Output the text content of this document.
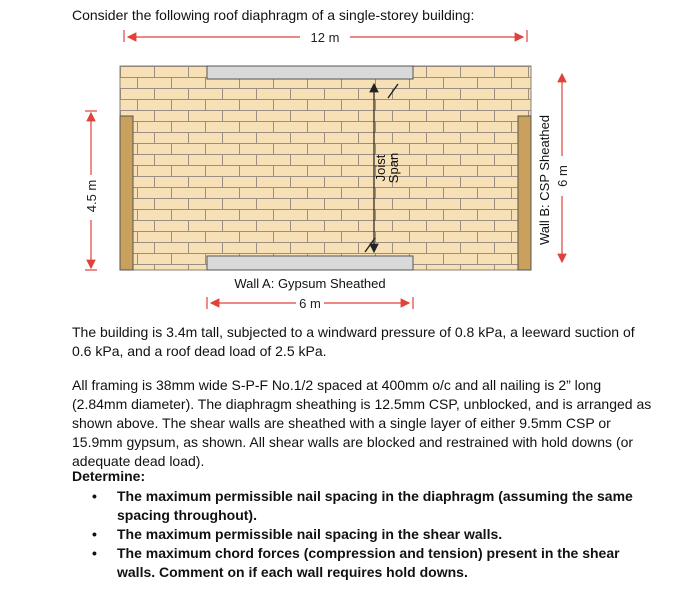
Consider the following roof diaphragm of a single-storey building:
12 m
4.5 m
Joist
Span	Wall B: CSP Sheathed 6 m
Wall A: Gypsum Sheathed
6 m
The building is 3.4m tall, subjected to a windward pressure of 0.8 kPa, a leeward suction of 0.6 kPa, and a roof dead load of 2.5 kPa.
All framing is 38mm wide S-P-F No.1/2 spaced at 400mm o/c and all nailing is 2” long (2.84mm diameter). The diaphragm sheathing is 12.5mm CSP, unblocked, and is arranged as shown above. The shear walls are sheathed with a single layer of either 9.5mm CSP or 15.9mm gypsum, as shown. All shear walls are blocked and restrained with hold downs (or adequate dead load).
Determine:
• The maximum permissible nail spacing in the diaphragm (assuming the same spacing throughout).
• The maximum permissible nail spacing in the shear walls.
• The maximum chord forces (compression and tension) present in the shear walls. Comment on if each wall requires hold downs.
